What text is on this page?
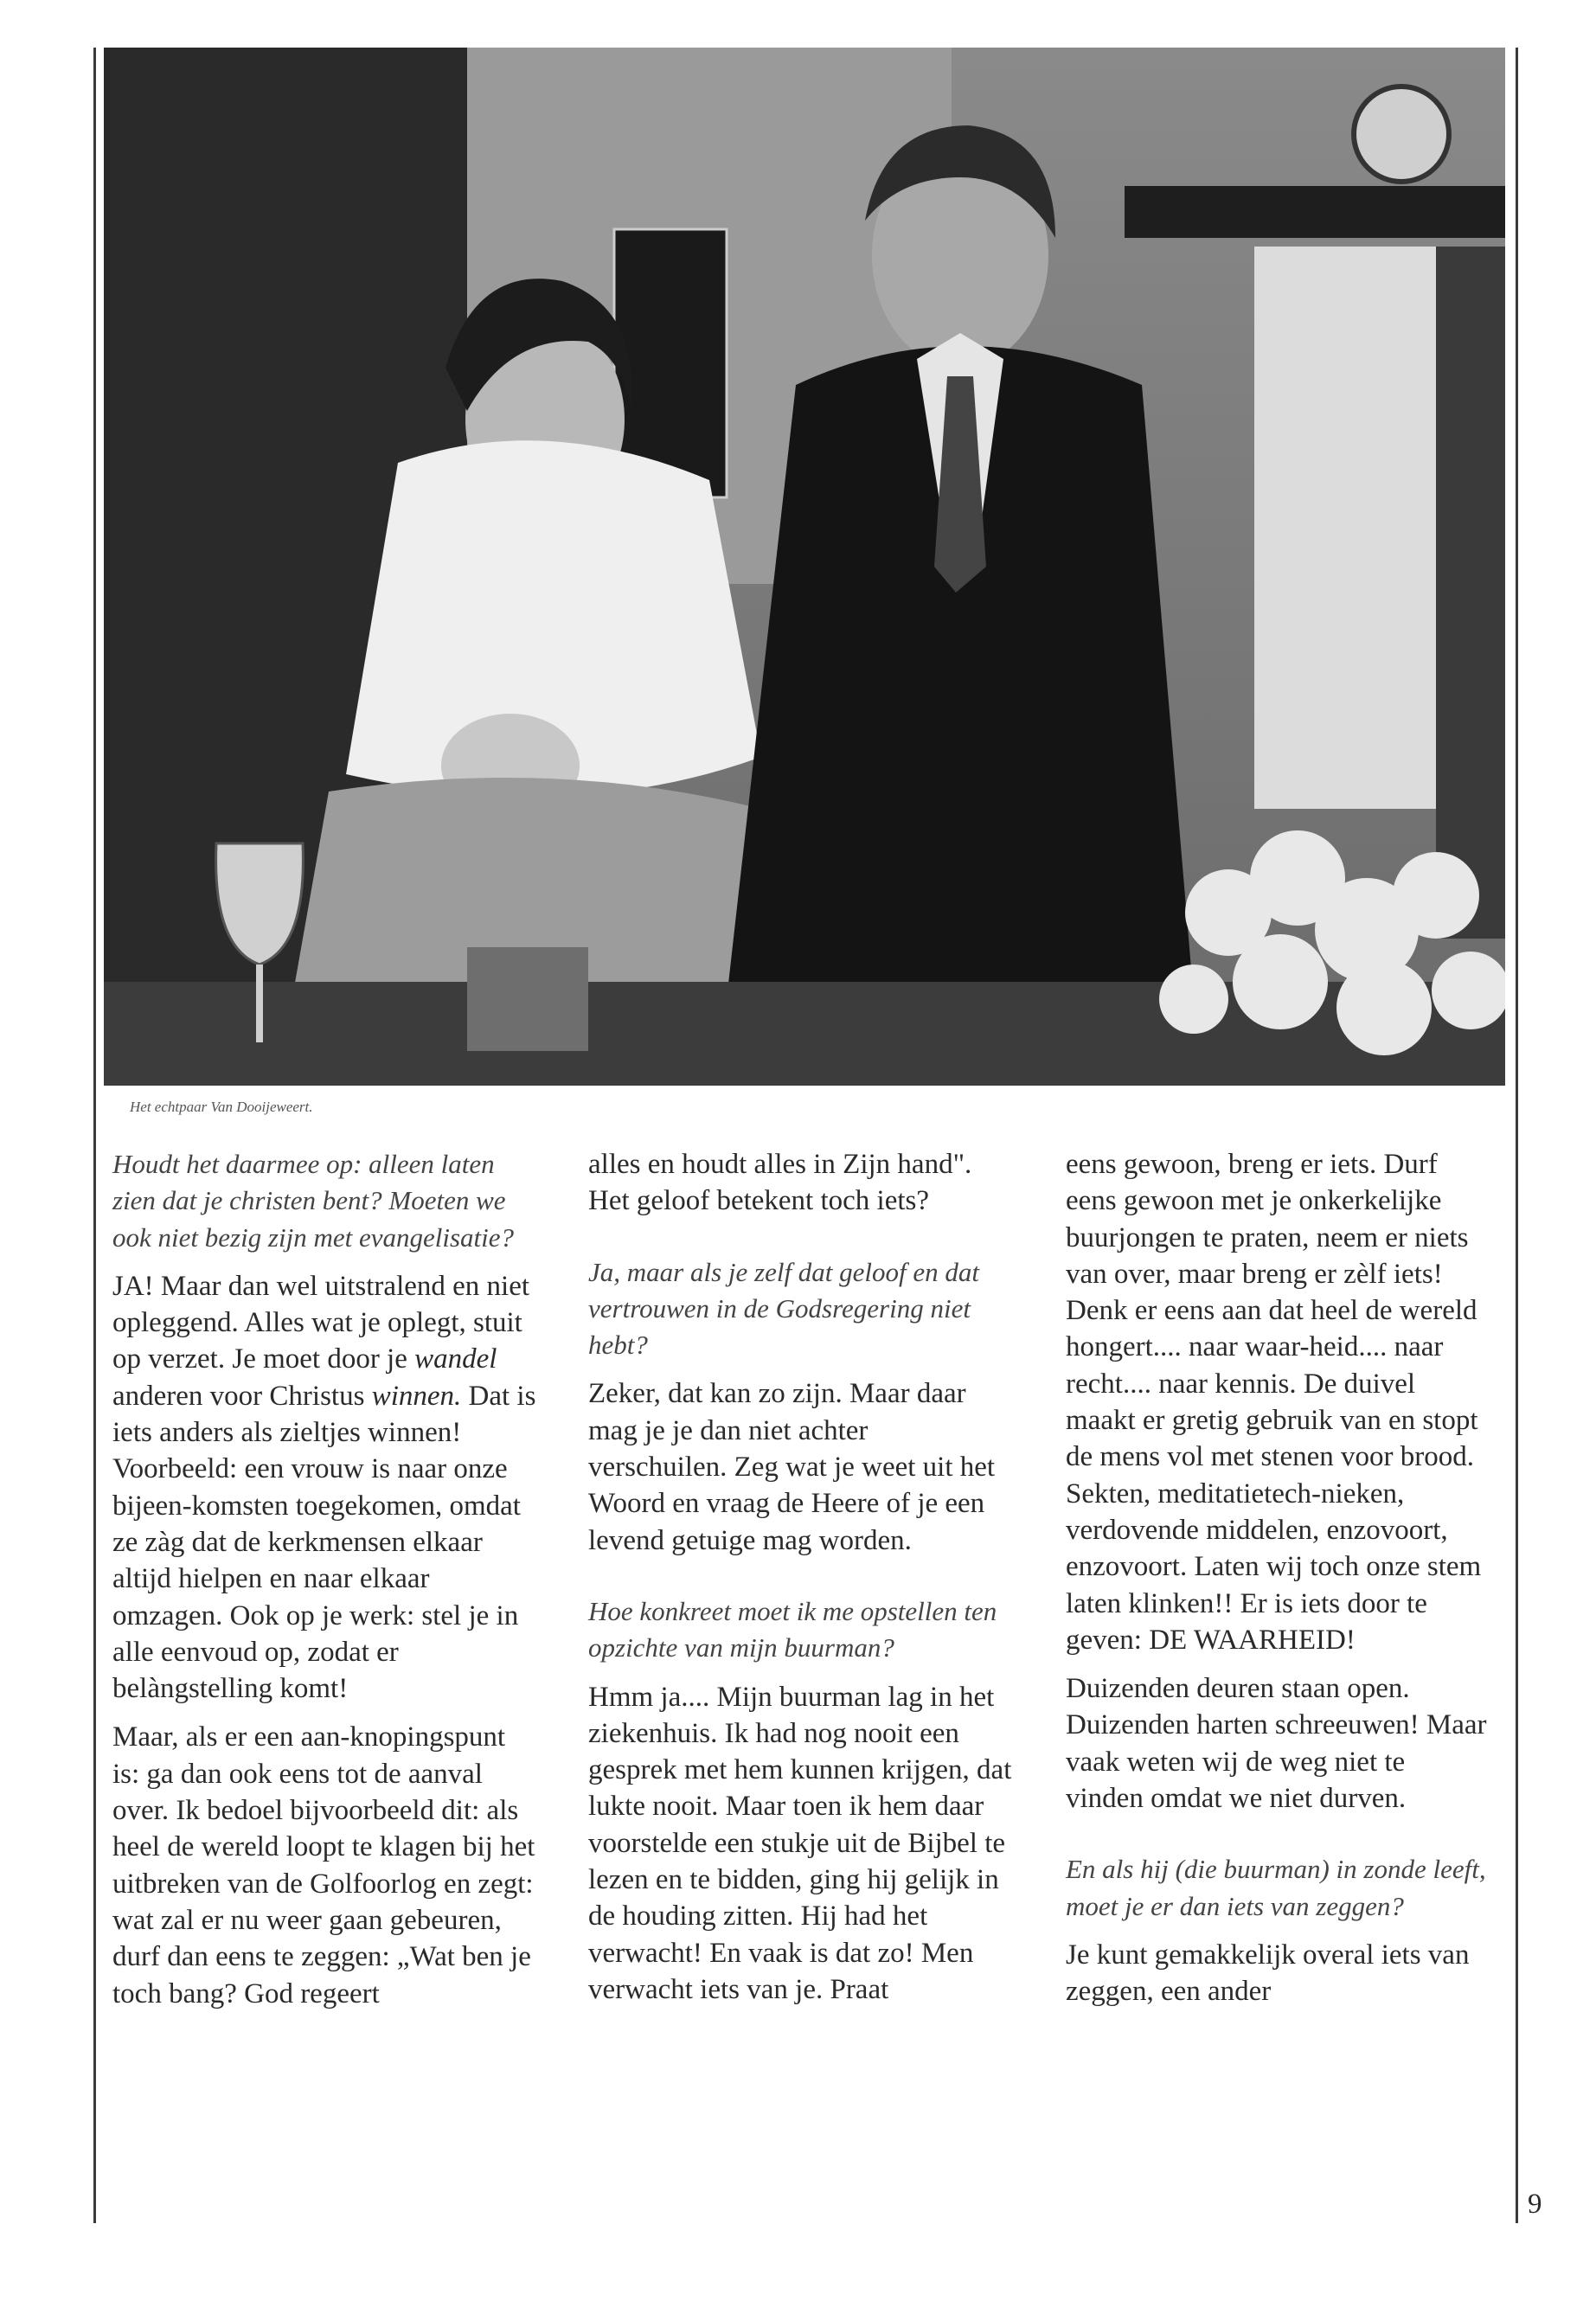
Het echtpaar Van Dooijeweert.

Houdt het daarmee op: alleen laten zien dat je christen bent? Moeten we ook niet bezig zijn met evangelisatie?

JA! Maar dan wel uitstralend en niet opleggend. Alles wat je oplegt, stuit op verzet. Je moet door je wandel anderen voor Christus winnen. Dat is iets anders als zieltjes winnen! Voorbeeld: een vrouw is naar onze bijeen-komsten toegekomen, omdat ze zàg dat de kerkmensen elkaar altijd hielpen en naar elkaar omzagen. Ook op je werk: stel je in alle eenvoud op, zodat er belàngstelling komt!

Maar, als er een aan-knopingspunt is: ga dan ook eens tot de aanval over. Ik bedoel bijvoorbeeld dit: als heel de wereld loopt te klagen bij het uitbreken van de Golfoorlog en zegt: wat zal er nu weer gaan gebeuren, durf dan eens te zeggen: „Wat ben je toch bang? God regeert

alles en houdt alles in Zijn hand". Het geloof betekent toch iets?

Ja, maar als je zelf dat geloof en dat vertrouwen in de Godsregering niet hebt?

Zeker, dat kan zo zijn. Maar daar mag je je dan niet achter verschuilen. Zeg wat je weet uit het Woord en vraag de Heere of je een levend getuige mag worden.

Hoe konkreet moet ik me opstellen ten opzichte van mijn buurman?

Hmm ja.... Mijn buurman lag in het ziekenhuis. Ik had nog nooit een gesprek met hem kunnen krijgen, dat lukte nooit. Maar toen ik hem daar voorstelde een stukje uit de Bijbel te lezen en te bidden, ging hij gelijk in de houding zitten. Hij had het verwacht! En vaak is dat zo! Men verwacht iets van je. Praat

eens gewoon, breng er iets. Durf eens gewoon met je onkerkelijke buurjongen te praten, neem er niets van over, maar breng er zèlf iets! Denk er eens aan dat heel de wereld hongert.... naar waar-heid.... naar recht.... naar kennis. De duivel maakt er gretig gebruik van en stopt de mens vol met stenen voor brood. Sekten, meditatietech-nieken, verdovende middelen, enzovoort, enzovoort. Laten wij toch onze stem laten klinken!! Er is iets door te geven: DE WAARHEID!

Duizenden deuren staan open. Duizenden harten schreeuwen! Maar vaak weten wij de weg niet te vinden omdat we niet durven.

En als hij (die buurman) in zonde leeft, moet je er dan iets van zeggen?

Je kunt gemakkelijk overal iets van zeggen, een ander

9
